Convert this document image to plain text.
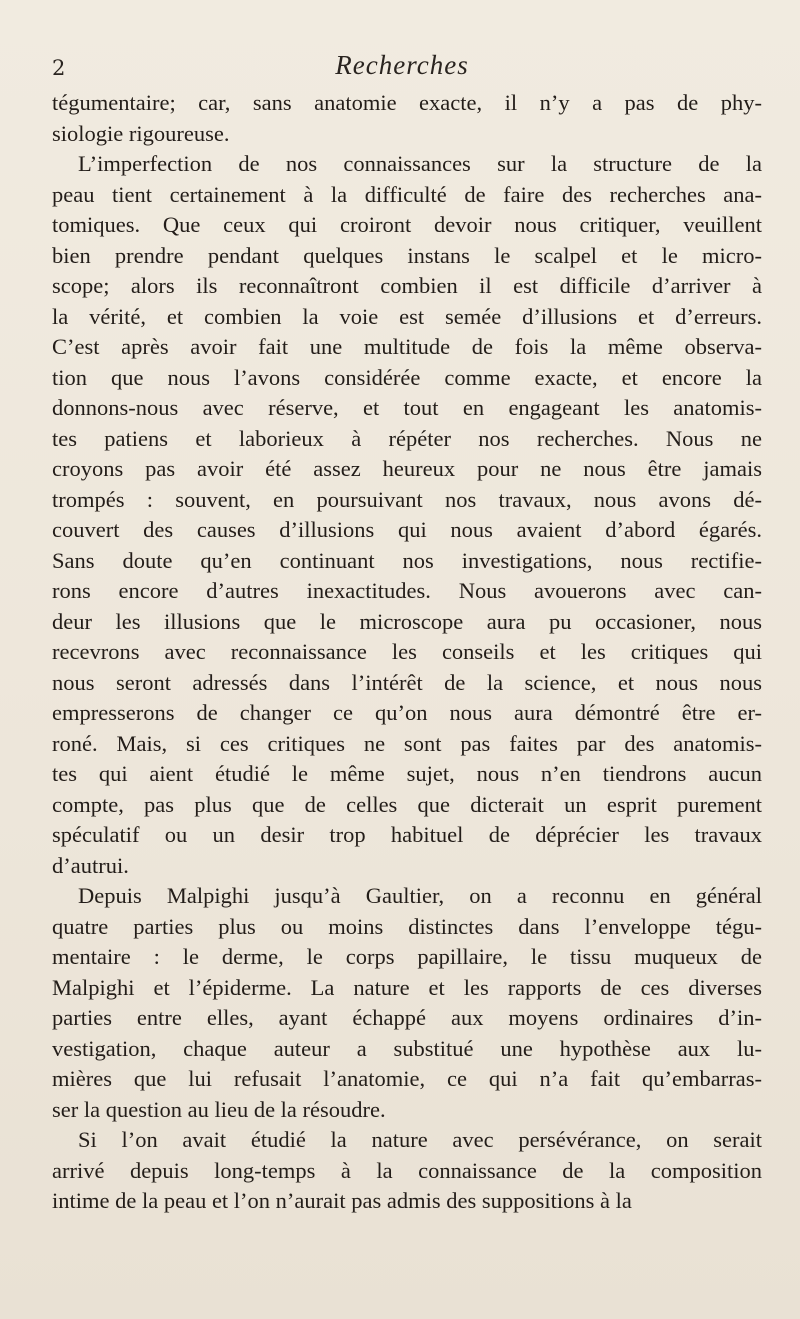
2	Recherches
tégumentaire; car, sans anatomie exacte, il n’y a pas de phy-
siologie rigoureuse.
L’imperfection de nos connaissances sur la structure de la
peau tient certainement à la difficulté de faire des recherches ana-
tomiques. Que ceux qui croiront devoir nous critiquer, veuillent
bien prendre pendant quelques instans le scalpel et le micro-
scope; alors ils reconnaîtront combien il est difficile d’arriver à
la vérité, et combien la voie est semée d’illusions et d’erreurs.
C’est après avoir fait une multitude de fois la même observa-
tion que nous l’avons considérée comme exacte, et encore la
donnons-nous avec réserve, et tout en engageant les anatomis-
tes patiens et laborieux à répéter nos recherches. Nous ne
croyons pas avoir été assez heureux pour ne nous être jamais
trompés : souvent, en poursuivant nos travaux, nous avons dé-
couvert des causes d’illusions qui nous avaient d’abord égarés.
Sans doute qu’en continuant nos investigations, nous rectifie-
rons encore d’autres inexactitudes. Nous avouerons avec can-
deur les illusions que le microscope aura pu occasioner, nous
recevrons avec reconnaissance les conseils et les critiques qui
nous seront adressés dans l’intérêt de la science, et nous nous
empresserons de changer ce qu’on nous aura démontré être er-
roné. Mais, si ces critiques ne sont pas faites par des anatomis-
tes qui aient étudié le même sujet, nous n’en tiendrons aucun
compte, pas plus que de celles que dicterait un esprit purement
spéculatif ou un desir trop habituel de déprécier les travaux
d’autrui.
Depuis Malpighi jusqu’à Gaultier, on a reconnu en général
quatre parties plus ou moins distinctes dans l’enveloppe tégu-
mentaire : le derme, le corps papillaire, le tissu muqueux de
Malpighi et l’épiderme. La nature et les rapports de ces diverses
parties entre elles, ayant échappé aux moyens ordinaires d’in-
vestigation, chaque auteur a substitué une hypothèse aux lu-
mières que lui refusait l’anatomie, ce qui n’a fait qu’embarras-
ser la question au lieu de la résoudre.
Si l’on avait étudié la nature avec persévérance, on serait
arrivé depuis long-temps à la connaissance de la composition
intime de la peau et l’on n’aurait pas admis des suppositions à la
